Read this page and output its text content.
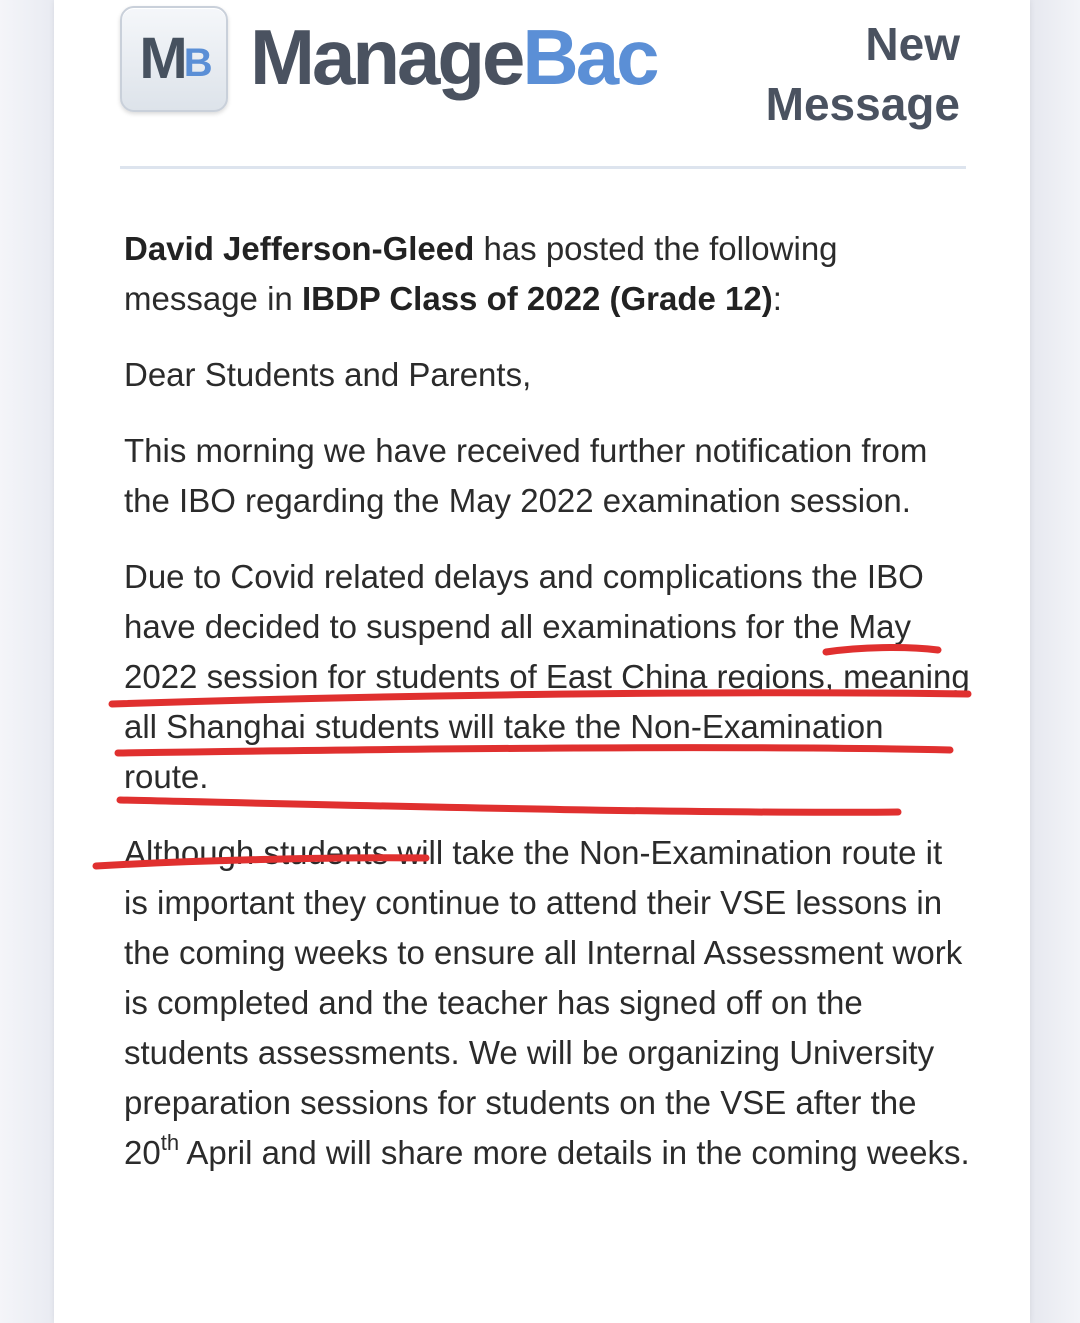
MB ManageBac	New
Message

David Jefferson-Gleed has posted the following message in IBDP Class of 2022 (Grade 12):

Dear Students and Parents,

This morning we have received further notification from the IBO regarding the May 2022 examination session.

Due to Covid related delays and complications the IBO have decided to suspend all examinations for the May 2022 session for students of East China regions, meaning all Shanghai students will take the Non-Examination route.

Although students will take the Non-Examination route it is important they continue to attend their VSE lessons in the coming weeks to ensure all Internal Assessment work is completed and the teacher has signed off on the students assessments. We will be organizing University preparation sessions for students on the VSE after the 20th April and will share more details in the coming weeks.
